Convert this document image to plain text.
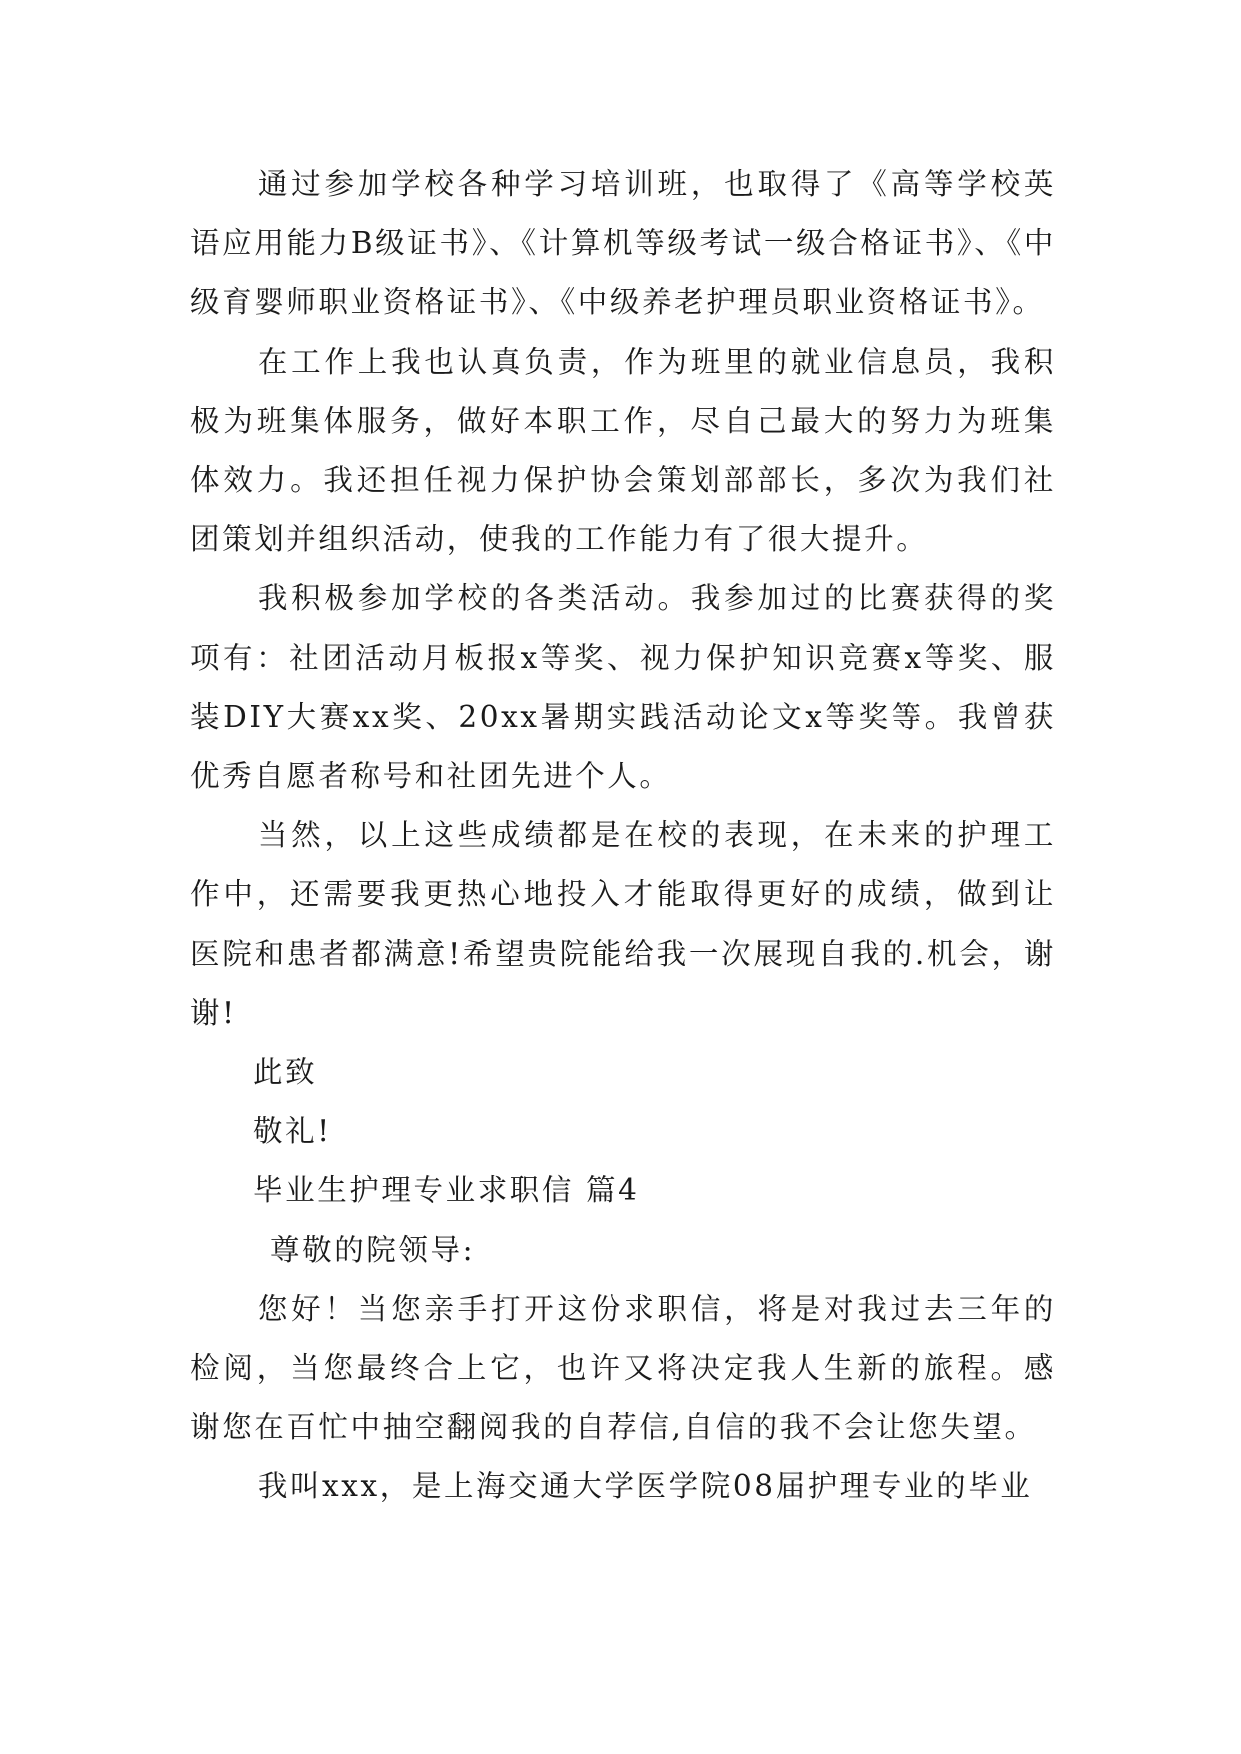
通过参加学校各种学习培训班，也取得了《高等学校英语应用能力B级证书》、《计算机等级考试一级合格证书》、《中级育婴师职业资格证书》、《中级养老护理员职业资格证书》。

在工作上我也认真负责，作为班里的就业信息员，我积极为班集体服务，做好本职工作，尽自己最大的努力为班集体效力。我还担任视力保护协会策划部部长，多次为我们社团策划并组织活动，使我的工作能力有了很大提升。

我积极参加学校的各类活动。我参加过的比赛获得的奖项有：社团活动月板报x等奖、视力保护知识竞赛x等奖、服装DIY大赛xx奖、20xx暑期实践活动论文x等奖等。我曾获优秀自愿者称号和社团先进个人。

当然，以上这些成绩都是在校的表现，在未来的护理工作中，还需要我更热心地投入才能取得更好的成绩，做到让医院和患者都满意!希望贵院能给我一次展现自我的.机会，谢谢!

此致

敬礼!

毕业生护理专业求职信 篇4

尊敬的院领导:

您好！当您亲手打开这份求职信，将是对我过去三年的检阅，当您最终合上它，也许又将决定我人生新的旅程。感谢您在百忙中抽空翻阅我的自荐信,自信的我不会让您失望。

我叫xxx，是上海交通大学医学院08届护理专业的毕业
